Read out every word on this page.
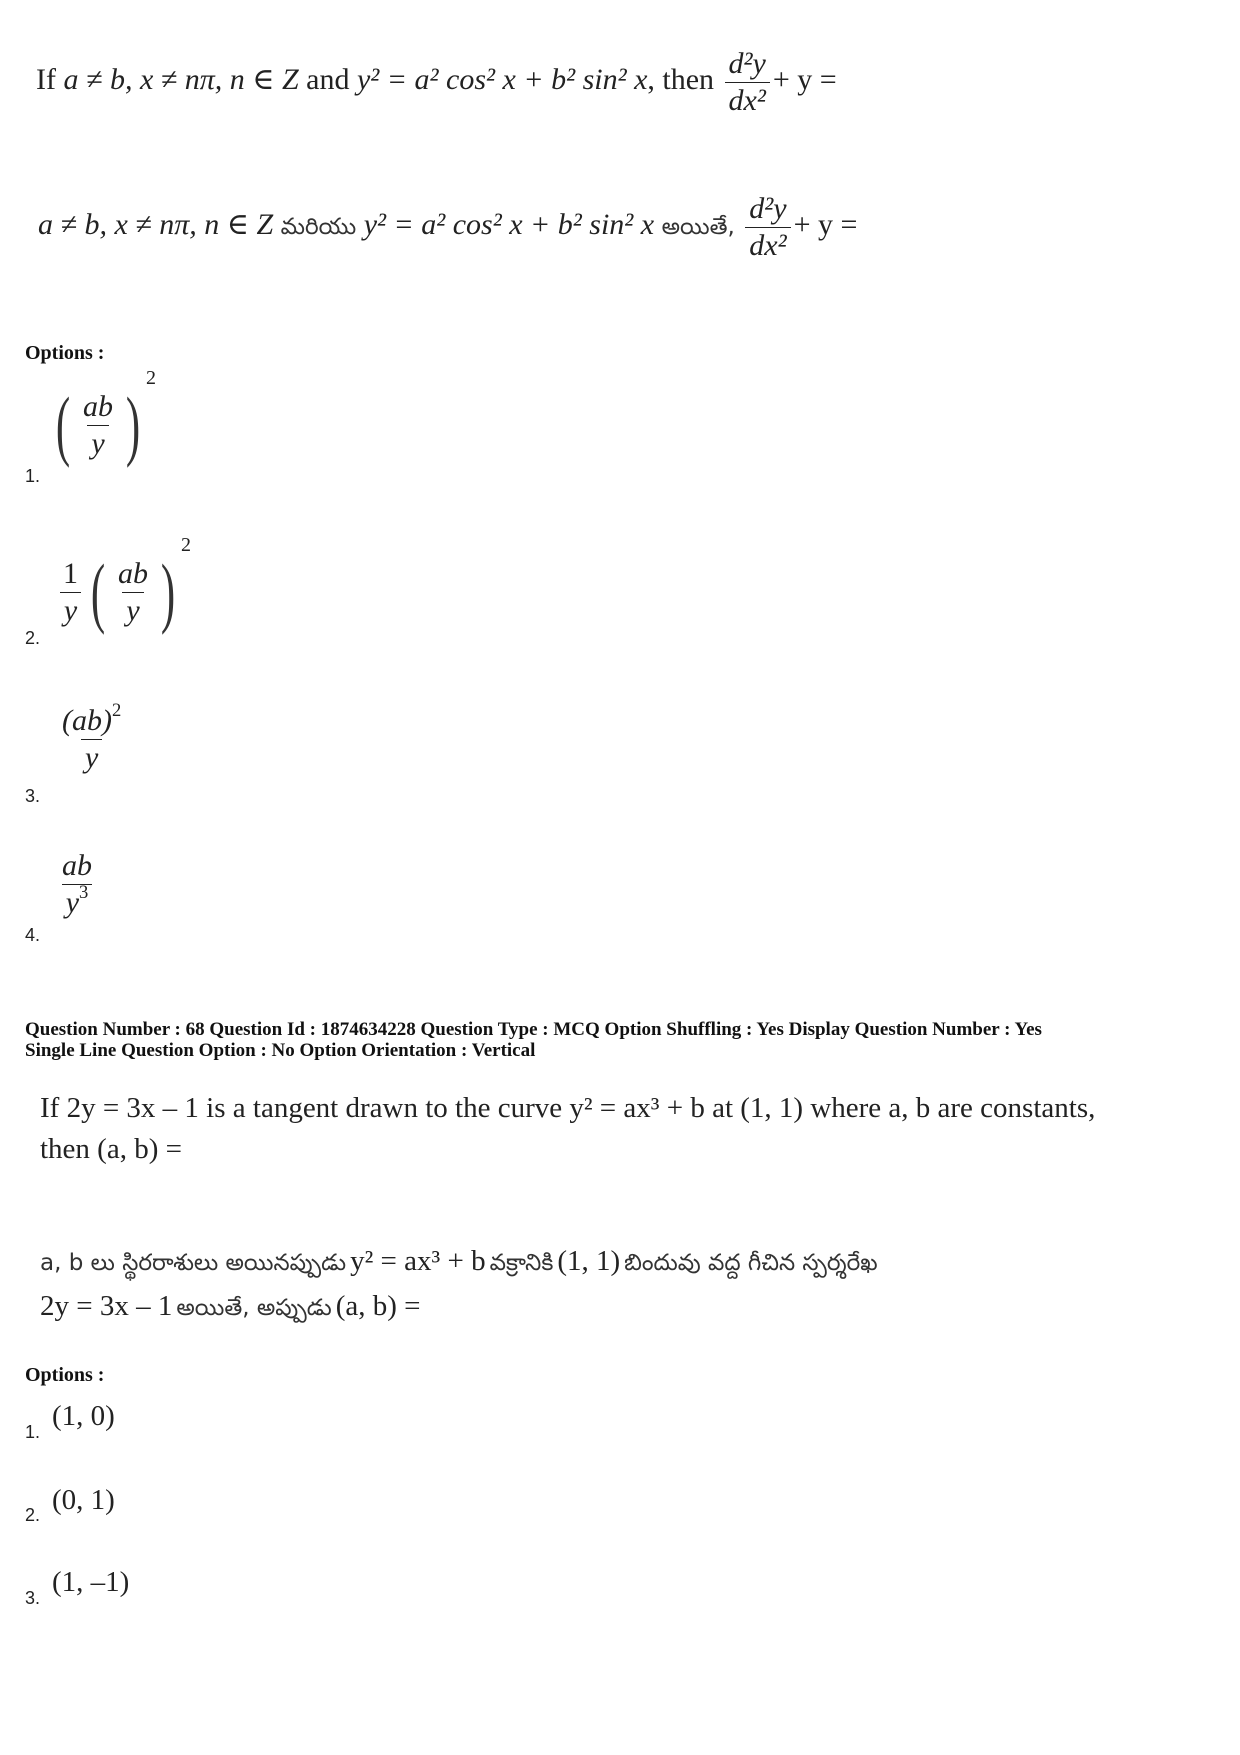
If a ≠ b, x ≠ nπ, n ∈ Z and y² = a² cos² x + b² sin² x, then $\frac{\text{d²y}}{\text{dx²}} + y$ =
a ≠ b, x ≠ nπ, n ∈ Z మరియు y² = a² cos² x + b² sin² x అయితే, $\frac{\text{d²y}}{\text{dx²}} + y$ =
Options :
1.
( $\frac{ab}{y} )^2$
2.
$\frac{1}{y}$ ( $\frac{ab}{y} )^2$
3.
$\frac{(ab)^2}{y}$
4.
$\frac{ab}{y^3}$
Question Number : 68 Question Id : 1874634228 Question Type : MCQ Option Shuffling : Yes Display Question Number : Yes
Single Line Question Option : No Option Orientation : Vertical
If 2y = 3x – 1 is a tangent drawn to the curve y² = ax³ + b at (1, 1) where a, b are constants,
then (a, b) =
a, b లు స్థిరరాశులు అయినప్పుడు y² = ax³ + b వక్రానికి (1, 1) బిందువు వద్ద గీచిన స్పర్శరేఖ
2y = 3x – 1 అయితే, అప్పుడు (a, b) =
Options :
1. (1, 0)
2. (0, 1)
3. (1, –1)
